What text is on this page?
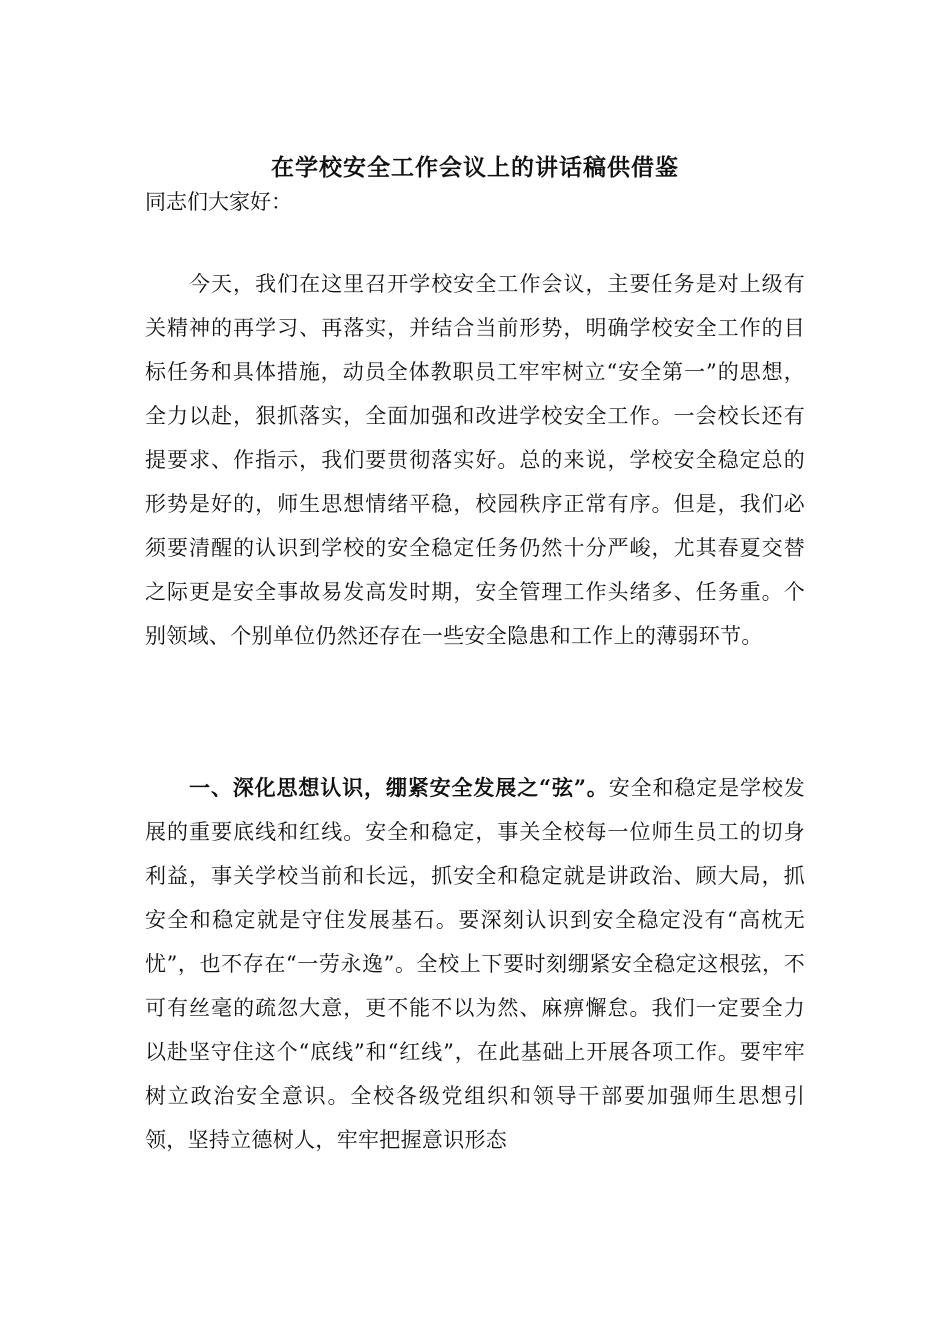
在学校安全工作会议上的讲话稿供借鉴
同志们大家好：
今天，我们在这里召开学校安全工作会议，主要任务是对上级有关精神的再学习、再落实，并结合当前形势，明确学校安全工作的目标任务和具体措施，动员全体教职员工牢牢树立“安全第一”的思想，全力以赴，狠抓落实，全面加强和改进学校安全工作。一会校长还有提要求、作指示，我们要贯彻落实好。总的来说，学校安全稳定总的形势是好的，师生思想情绪平稳，校园秩序正常有序。但是，我们必须要清醒的认识到学校的安全稳定任务仍然十分严峻，尤其春夏交替之际更是安全事故易发高发时期，安全管理工作头绪多、任务重。个别领域、个别单位仍然还存在一些安全隐患和工作上的薄弱环节。
一、深化思想认识，绷紧安全发展之“弦”。安全和稳定是学校发展的重要底线和红线。安全和稳定，事关全校每一位师生员工的切身利益，事关学校当前和长远，抓安全和稳定就是讲政治、顾大局，抓安全和稳定就是守住发展基石。要深刻认识到安全稳定没有“高枕无忧”，也不存在“一劳永逸”。全校上下要时刻绷紧安全稳定这根弦，不可有丝毫的疏忽大意，更不能不以为然、麻痹懈怠。我们一定要全力以赴坚守住这个“底线”和“红线”，在此基础上开展各项工作。要牢牢树立政治安全意识。全校各级党组织和领导干部要加强师生思想引领，坚持立德树人，牢牢把握意识形态
